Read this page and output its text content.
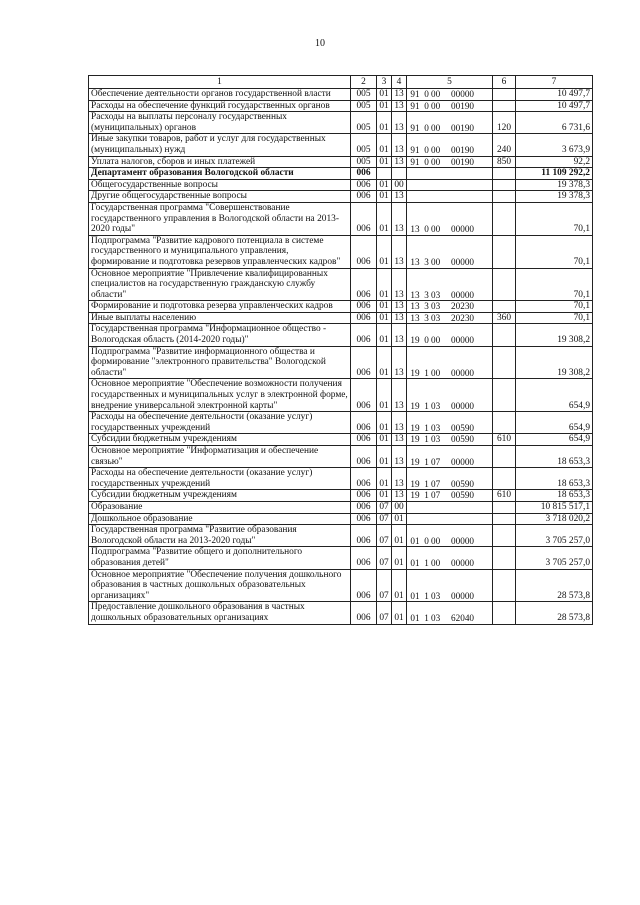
10
1	2	3	4	5	6	7
Обеспечение деятельности органов государственной власти	005	01	13	91 0 00 00000		10 497,7
Расходы на обеспечение функций государственных органов	005	01	13	91 0 00 00190		10 497,7
Расходы на выплаты персоналу государственных (муниципальных) органов	005	01	13	91 0 00 00190	120	6 731,6
Иные закупки товаров, работ и услуг для государственных (муниципальных) нужд	005	01	13	91 0 00 00190	240	3 673,9
Уплата налогов, сборов и иных платежей	005	01	13	91 0 00 00190	850	92,2
Департамент образования Вологодской области	006					11 109 292,2
Общегосударственные вопросы	006	01	00			19 378,3
Другие общегосударственные вопросы	006	01	13			19 378,3
Государственная программа "Совершенствование государственного управления в Вологодской области на 2013-2020 годы"	006	01	13	13 0 00 00000		70,1
Подпрограмма "Развитие кадрового потенциала в системе государственного и муниципального управления, формирование и подготовка резервов управленческих кадров"	006	01	13	13 3 00 00000		70,1
Основное мероприятие "Привлечение квалифицированных специалистов на государственную гражданскую службу области"	006	01	13	13 3 03 00000		70,1
Формирование и подготовка резерва управленческих кадров	006	01	13	13 3 03 20230		70,1
Иные выплаты населению	006	01	13	13 3 03 20230	360	70,1
Государственная программа "Информационное общество - Вологодская область (2014-2020 годы)"	006	01	13	19 0 00 00000		19 308,2
Подпрограмма "Развитие информационного общества и формирование "электронного правительства" Вологодской области"	006	01	13	19 1 00 00000		19 308,2
Основное мероприятие "Обеспечение возможности получения государственных и муниципальных услуг в электронной форме, внедрение универсальной электронной карты"	006	01	13	19 1 03 00000		654,9
Расходы на обеспечение деятельности (оказание услуг) государственных учреждений	006	01	13	19 1 03 00590		654,9
Субсидии бюджетным учреждениям	006	01	13	19 1 03 00590	610	654,9
Основное мероприятие "Информатизация и обеспечение связью"	006	01	13	19 1 07 00000		18 653,3
Расходы на обеспечение деятельности (оказание услуг) государственных учреждений	006	01	13	19 1 07 00590		18 653,3
Субсидии бюджетным учреждениям	006	01	13	19 1 07 00590	610	18 653,3
Образование	006	07	00			10 815 517,1
Дошкольное образование	006	07	01			3 718 020,2
Государственная программа "Развитие образования Вологодской области на 2013-2020 годы"	006	07	01	01 0 00 00000		3 705 257,0
Подпрограмма "Развитие общего и дополнительного образования детей"	006	07	01	01 1 00 00000		3 705 257,0
Основное мероприятие "Обеспечение получения дошкольного образования в частных дошкольных образовательных организациях"	006	07	01	01 1 03 00000		28 573,8
Предоставление дошкольного образования в частных дошкольных образовательных организациях	006	07	01	01 1 03 62040		28 573,8
